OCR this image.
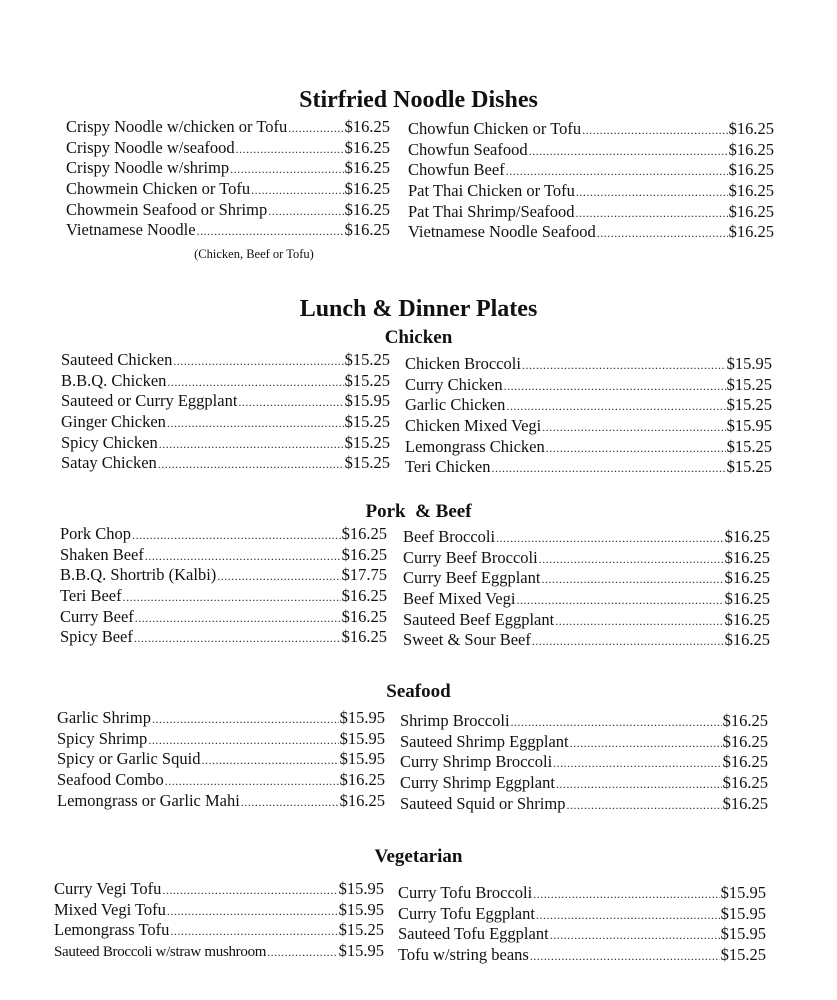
Stirfried Noodle Dishes
Crispy Noodle w/chicken or Tofu .....	$16.25
Crispy Noodle w/seafood .....	$16.25
Crispy Noodle w/shrimp .....	$16.25
Chowmein Chicken or Tofu .....	$16.25
Chowmein Seafood or Shrimp .....	$16.25
Vietnamese Noodle .....	$16.25

(Chicken, Beef or Tofu)

Chowfun Chicken or Tofu .....	$16.25
Chowfun Seafood .....	$16.25
Chowfun Beef .....	$16.25
Pat Thai Chicken or Tofu .....	$16.25
Pat Thai Shrimp/Seafood .....	$16.25
Vietnamese Noodle Seafood .....	$16.25
Lunch & Dinner Plates
Chicken
Sauteed Chicken .....	$15.25
B.B.Q. Chicken .....	$15.25
Sauteed or Curry Eggplant .....	$15.95
Ginger Chicken .....	$15.25
Spicy Chicken .....	$15.25
Satay Chicken .....	$15.25
Chicken Broccoli .....	$15.95
Curry Chicken .....	$15.25
Garlic Chicken .....	$15.25
Chicken Mixed Vegi .....	$15.95
Lemongrass Chicken .....	$15.25
Teri Chicken .....	$15.25
Pork  & Beef
Pork Chop .....	$16.25
Shaken Beef .....	$16.25
B.B.Q. Shortrib (Kalbi) .....	$17.75
Teri Beef .....	$16.25
Curry Beef .....	$16.25
Spicy Beef .....	$16.25
Beef Broccoli .....	$16.25
Curry Beef Broccoli .....	$16.25
Curry Beef Eggplant .....	$16.25
Beef Mixed Vegi .....	$16.25
Sauteed Beef Eggplant .....	$16.25
Sweet & Sour Beef .....	$16.25
Seafood
Garlic Shrimp .....	$15.95
Spicy Shrimp .....	$15.95
Spicy or Garlic Squid .....	$15.95
Seafood Combo .....	$16.25
Lemongrass or Garlic Mahi .....	$16.25
Shrimp Broccoli .....	$16.25
Sauteed Shrimp Eggplant .....	$16.25
Curry Shrimp Broccoli .....	$16.25
Curry Shrimp Eggplant .....	$16.25
Sauteed Squid or Shrimp .....	$16.25
Vegetarian
Curry Vegi Tofu .....	$15.95
Mixed Vegi Tofu .....	$15.95
Lemongrass Tofu .....	$15.25
Sauteed Broccoli w/straw mushroom .....	$15.95
Curry Tofu Broccoli .....	$15.95
Curry Tofu Eggplant .....	$15.95
Sauteed Tofu Eggplant .....	$15.95
Tofu w/string beans .....	$15.25
